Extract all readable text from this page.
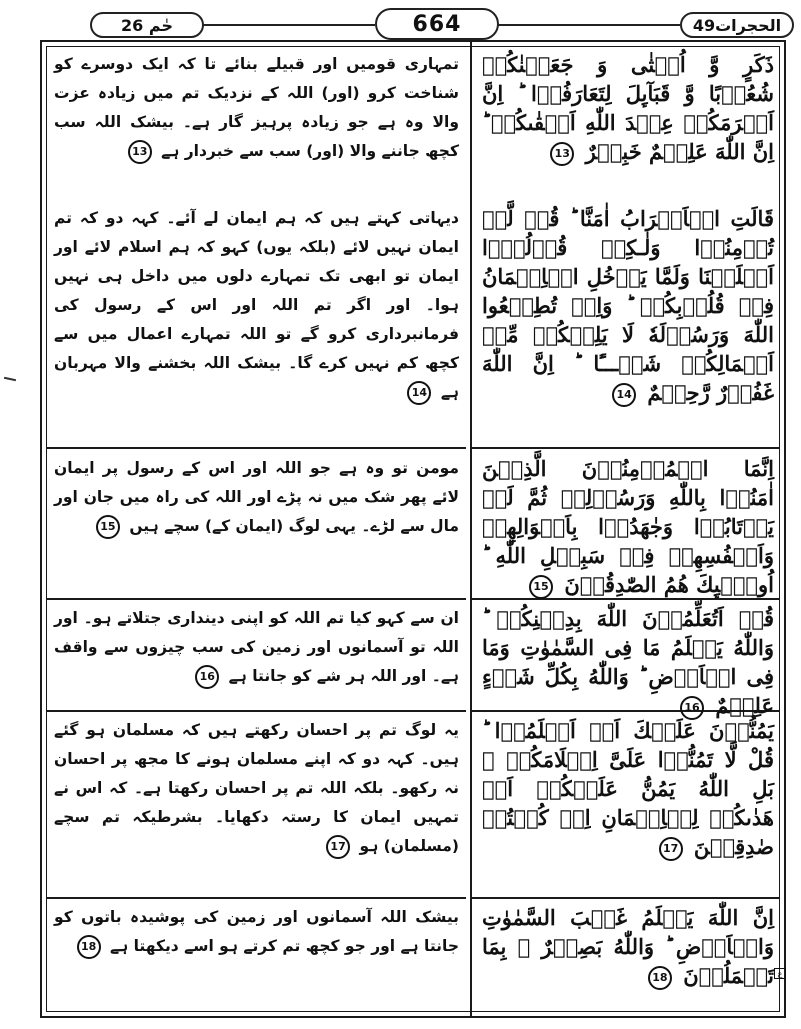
حٰم

26	664	الحجرات
49
ذَكَرٍ وَّ اُنۡثٰى وَ جَعَلۡنٰكُمۡ شُعُوۡبًا وَّ قَبَآٮِٕلَ لِتَعَارَفُوۡا ؕ اِنَّ اَكۡرَمَكُمۡ عِنۡدَ اللّٰهِ اَتۡقٰٮكُمۡ ؕ اِنَّ اللّٰهَ عَلِيۡمٌ خَبِيۡرٌ 13
تمہاری قومیں اور قبیلے بنائے تا کہ ایک دوسرے کو شناخت کرو (اور) اللہ کے نزدیک تم میں زیادہ عزت والا وہ ہے جو زیادہ پرہیز گار ہے۔ بیشک اللہ سب کچھ جاننے والا (اور) سب سے خبردار ہے 13
قَالَتِ الۡاَعۡرَابُ اٰمَنَّا ؕ قُلۡ لَّمۡ تُؤۡمِنُوۡا وَلٰـكِنۡ قُوۡلُوۡۤا اَسۡلَمۡنَا وَلَمَّا يَدۡخُلِ الۡاِيۡمَانُ فِىۡ قُلُوۡبِكُمۡ ؕ وَاِنۡ تُطِيۡعُوا اللّٰهَ وَرَسُوۡلَهٗ لَا يَلِتۡكُمۡ مِّنۡ اَعۡمَالِكُمۡ شَيۡـــًٔا ؕ اِنَّ اللّٰهَ غَفُوۡرٌ رَّحِيۡمٌ 14
دیہاتی کہتے ہیں کہ ہم ایمان لے آئے۔ کہہ دو کہ تم ایمان نہیں لائے (بلکہ یوں) کہو کہ ہم اسلام لائے اور ایمان تو ابھی تک تمہارے دلوں میں داخل ہی نہیں ہوا۔ اور اگر تم اللہ اور اس کے رسول کی فرمانبرداری کرو گے تو اللہ تمہارے اعمال میں سے کچھ کم نہیں کرے گا۔ بیشک اللہ بخشنے والا مہربان ہے 14
اِنَّمَا الۡمُؤۡمِنُوۡنَ الَّذِيۡنَ اٰمَنُوۡا بِاللّٰهِ وَرَسُوۡلِهٖ ثُمَّ لَمۡ يَرۡتَابُوۡا وَجٰهَدُوۡا بِاَمۡوَالِهِمۡ وَاَنۡفُسِهِمۡ فِىۡ سَبِيۡلِ اللّٰهِ ؕ اُولٰۤٮِٕكَ هُمُ الصّٰدِقُوۡنَ 15
مومن تو وہ ہے جو اللہ اور اس کے رسول پر ایمان لائے پھر شک میں نہ پڑے اور اللہ کی راہ میں جان اور مال سے لڑے۔ یہی لوگ (ایمان کے) سچے ہیں 15
قُلۡ اَتُعَلِّمُوۡنَ اللّٰهَ بِدِيۡنِكُمۡ ؕ وَاللّٰهُ يَعۡلَمُ مَا فِى السَّمٰوٰتِ وَمَا فِى الۡاَرۡضِ ؕ وَاللّٰهُ بِكُلِّ شَىۡءٍ عَلِيۡمٌ 16
ان سے کہو کیا تم اللہ کو اپنی دینداری جتلاتے ہو۔ اور اللہ تو آسمانوں اور زمین کی سب چیزوں سے واقف ہے۔ اور اللہ ہر شے کو جانتا ہے 16
يَمُنُّوۡنَ عَلَيۡكَ اَنۡ اَسۡلَمُوۡا ؕ قُلْ لَّا تَمُنُّوۡا عَلَىَّ اِسۡلَامَكُمۡ ۚ بَلِ اللّٰهُ يَمُنُّ عَلَيۡكُمۡ اَنۡ هَدٰٮكُمۡ لِلۡاِيۡمَانِ اِنۡ كُنۡتُمۡ صٰدِقِيۡنَ 17
یہ لوگ تم پر احسان رکھتے ہیں کہ مسلمان ہو گئے ہیں۔ کہہ دو کہ اپنے مسلمان ہونے کا مجھ پر احسان نہ رکھو۔ بلکہ اللہ تم پر احسان رکھتا ہے۔ کہ اس نے تمہیں ایمان کا رستہ دکھایا۔ بشرطیکہ تم سچے (مسلمان) ہو 17
اِنَّ اللّٰهَ يَعۡلَمُ غَيۡبَ السَّمٰوٰتِ وَالۡاَرۡضِ ؕ وَاللّٰهُ بَصِيۡرٌ ۢ بِمَا تَعۡمَلُوۡنَ 18
بیشک اللہ آسمانوں اور زمین کی پوشیدہ باتوں کو جانتا ہے اور جو کچھ تم کرتے ہو اسے دیکھتا ہے 18
ع
